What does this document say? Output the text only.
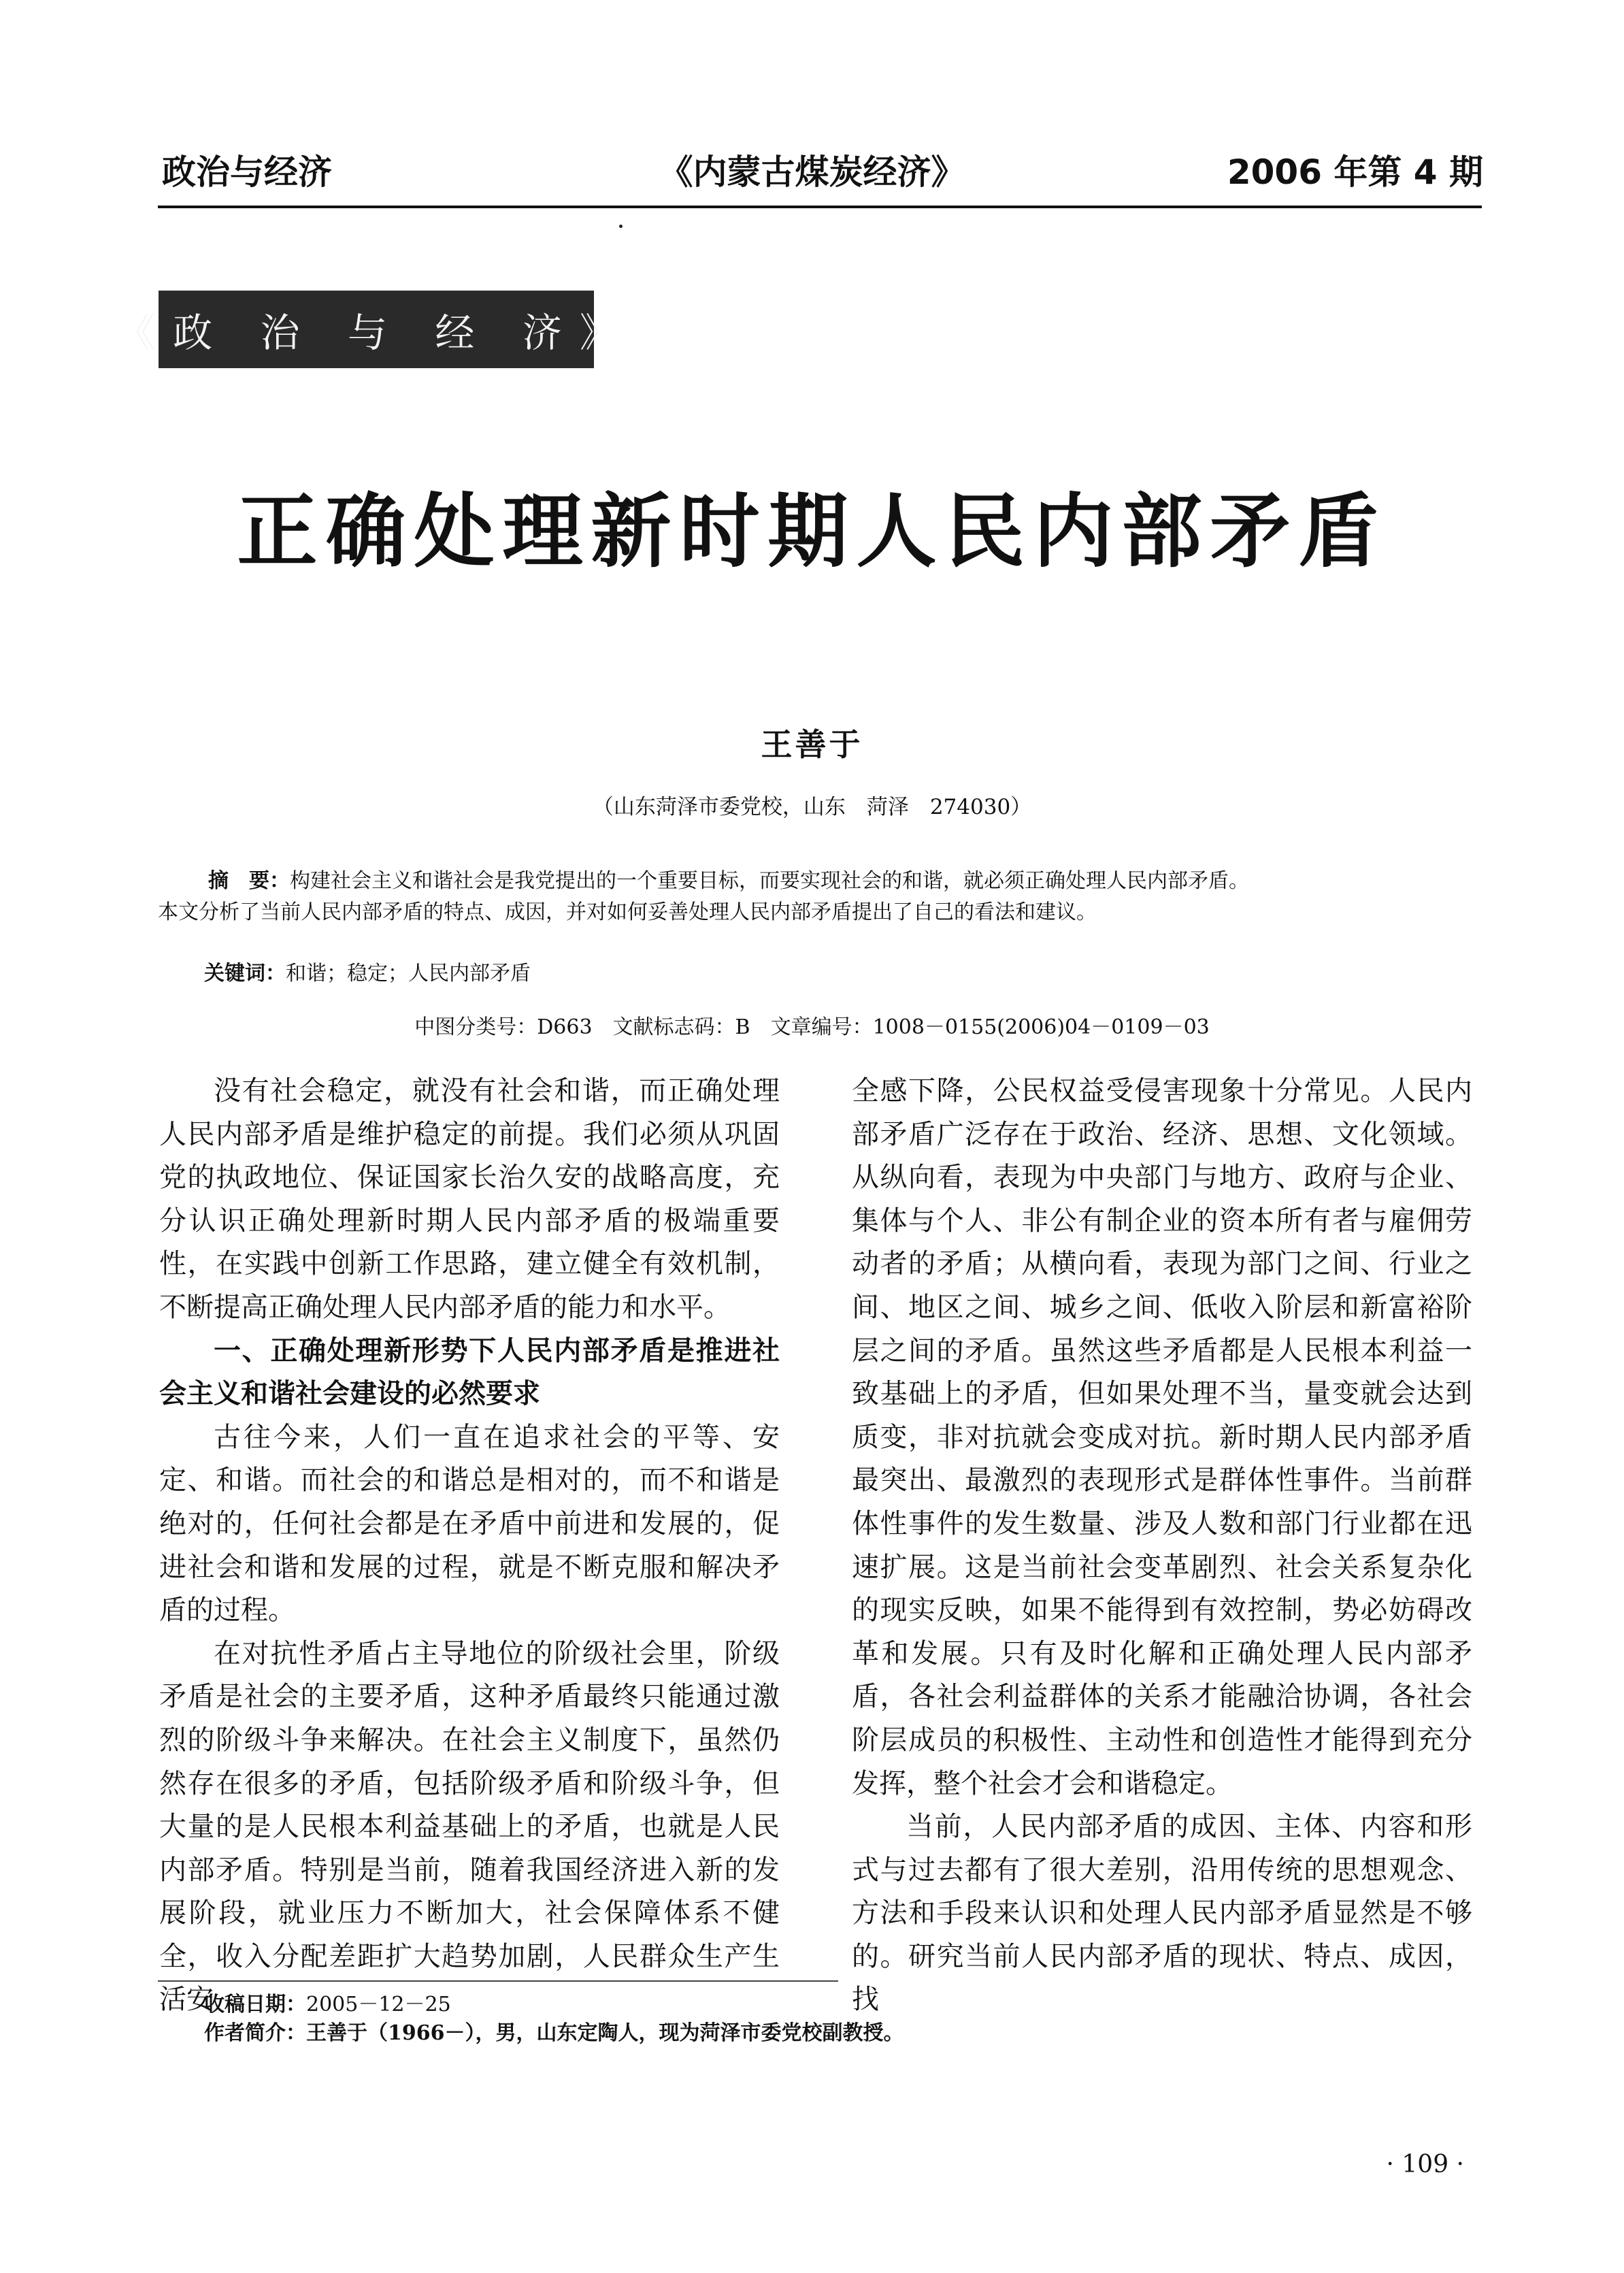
政治与经济	《内蒙古煤炭经济》	2006 年第 4 期
《政 治 与 经 济》
正确处理新时期人民内部矛盾
王善于
（山东菏泽市委党校，山东　菏泽　274030）

摘　要：构建社会主义和谐社会是我党提出的一个重要目标，而要实现社会的和谐，就必须正确处理人民内部矛盾。

本文分析了当前人民内部矛盾的特点、成因，并对如何妥善处理人民内部矛盾提出了自己的看法和建议。

关键词：和谐；稳定；人民内部矛盾
中图分类号：D663　文献标志码：B　文章编号：1008－0155(2006)04－0109－03

没有社会稳定，就没有社会和谐，而正确处理人民内部矛盾是维护稳定的前提。我们必须从巩固党的执政地位、保证国家长治久安的战略高度，充分认识正确处理新时期人民内部矛盾的极端重要性，在实践中创新工作思路，建立健全有效机制，不断提高正确处理人民内部矛盾的能力和水平。

一、正确处理新形势下人民内部矛盾是推进社会主义和谐社会建设的必然要求

古往今来，人们一直在追求社会的平等、安定、和谐。而社会的和谐总是相对的，而不和谐是绝对的，任何社会都是在矛盾中前进和发展的，促进社会和谐和发展的过程，就是不断克服和解决矛盾的过程。

在对抗性矛盾占主导地位的阶级社会里，阶级矛盾是社会的主要矛盾，这种矛盾最终只能通过激烈的阶级斗争来解决。在社会主义制度下，虽然仍然存在很多的矛盾，包括阶级矛盾和阶级斗争，但大量的是人民根本利益基础上的矛盾，也就是人民内部矛盾。特别是当前，随着我国经济进入新的发展阶段，就业压力不断加大，社会保障体系不健全，收入分配差距扩大趋势加剧，人民群众生产生活安

全感下降，公民权益受侵害现象十分常见。人民内部矛盾广泛存在于政治、经济、思想、文化领域。从纵向看，表现为中央部门与地方、政府与企业、集体与个人、非公有制企业的资本所有者与雇佣劳动者的矛盾；从横向看，表现为部门之间、行业之间、地区之间、城乡之间、低收入阶层和新富裕阶层之间的矛盾。虽然这些矛盾都是人民根本利益一致基础上的矛盾，但如果处理不当，量变就会达到质变，非对抗就会变成对抗。新时期人民内部矛盾最突出、最激烈的表现形式是群体性事件。当前群体性事件的发生数量、涉及人数和部门行业都在迅速扩展。这是当前社会变革剧烈、社会关系复杂化的现实反映，如果不能得到有效控制，势必妨碍改革和发展。只有及时化解和正确处理人民内部矛盾，各社会利益群体的关系才能融洽协调，各社会阶层成员的积极性、主动性和创造性才能得到充分发挥，整个社会才会和谐稳定。

当前，人民内部矛盾的成因、主体、内容和形式与过去都有了很大差别，沿用传统的思想观念、方法和手段来认识和处理人民内部矛盾显然是不够的。研究当前人民内部矛盾的现状、特点、成因，找

收稿日期：2005－12－25
作者简介：王善于（1966－），男，山东定陶人，现为菏泽市委党校副教授。
· 109 ·
